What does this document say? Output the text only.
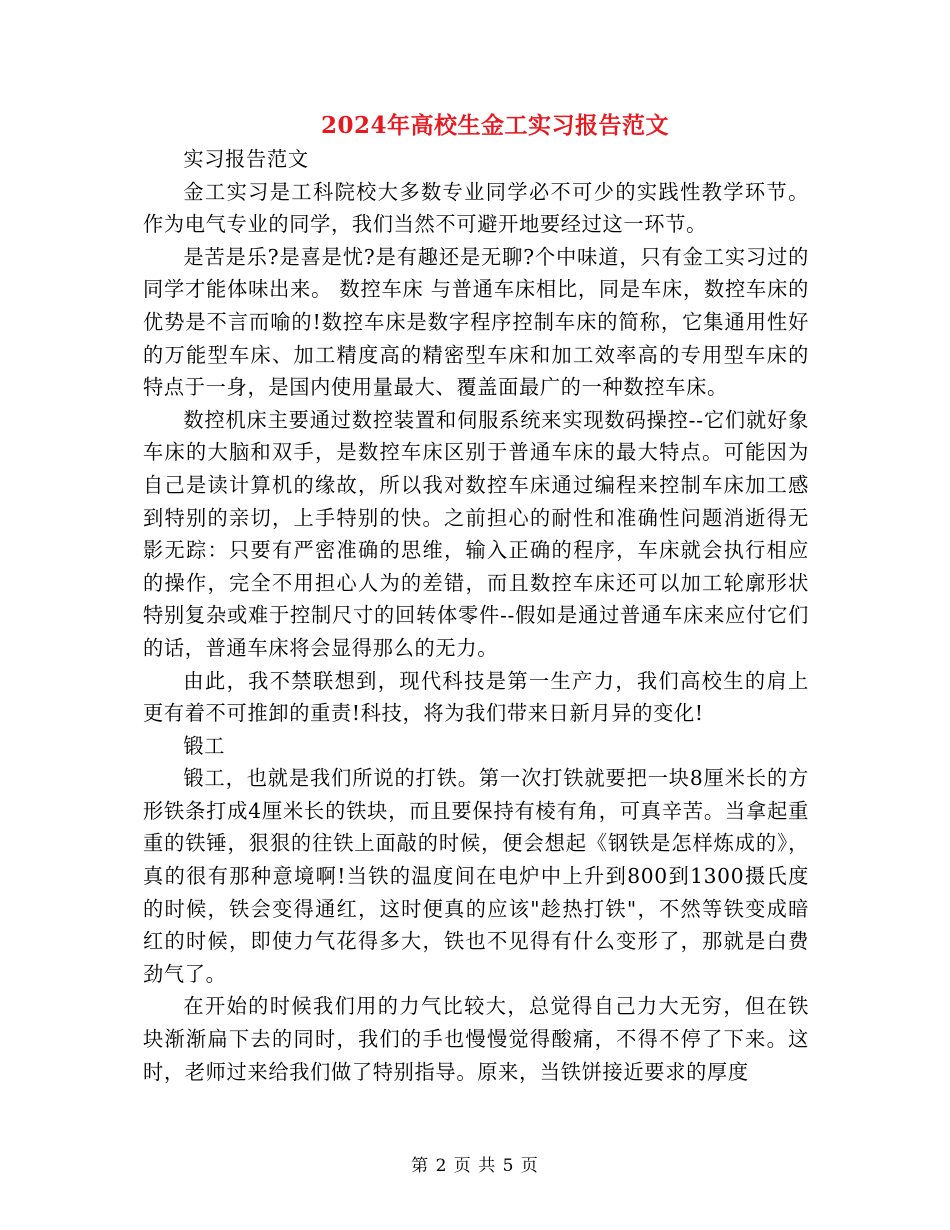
2024年高校生金工实习报告范文

实习报告范文

金工实习是工科院校大多数专业同学必不可少的实践性教学环节。作为电气专业的同学，我们当然不可避开地要经过这一环节。

是苦是乐?是喜是忧?是有趣还是无聊?个中味道，只有金工实习过的同学才能体味出来。 数控车床 与普通车床相比，同是车床，数控车床的优势是不言而喻的!数控车床是数字程序控制车床的简称，它集通用性好的万能型车床、加工精度高的精密型车床和加工效率高的专用型车床的特点于一身，是国内使用量最大、覆盖面最广的一种数控车床。

数控机床主要通过数控装置和伺服系统来实现数码操控--它们就好象车床的大脑和双手，是数控车床区别于普通车床的最大特点。可能因为自己是读计算机的缘故，所以我对数控车床通过编程来控制车床加工感到特别的亲切，上手特别的快。之前担心的耐性和准确性问题消逝得无影无踪：只要有严密准确的思维，输入正确的程序，车床就会执行相应的操作，完全不用担心人为的差错，而且数控车床还可以加工轮廓形状特别复杂或难于控制尺寸的回转体零件--假如是通过普通车床来应付它们的话，普通车床将会显得那么的无力。

由此，我不禁联想到，现代科技是第一生产力，我们高校生的肩上更有着不可推卸的重责!科技，将为我们带来日新月异的变化!

锻工

锻工，也就是我们所说的打铁。第一次打铁就要把一块8厘米长的方形铁条打成4厘米长的铁块，而且要保持有棱有角，可真辛苦。当拿起重重的铁锤，狠狠的往铁上面敲的时候，便会想起《钢铁是怎样炼成的》，真的很有那种意境啊!当铁的温度间在电炉中上升到800到1300摄氏度的时候，铁会变得通红，这时便真的应该"趁热打铁"，不然等铁变成暗红的时候，即使力气花得多大，铁也不见得有什么变形了，那就是白费劲气了。

在开始的时候我们用的力气比较大，总觉得自己力大无穷，但在铁块渐渐扁下去的同时，我们的手也慢慢觉得酸痛，不得不停了下来。这时，老师过来给我们做了特别指导。原来，当铁饼接近要求的厚度

第 2 页 共 5 页
